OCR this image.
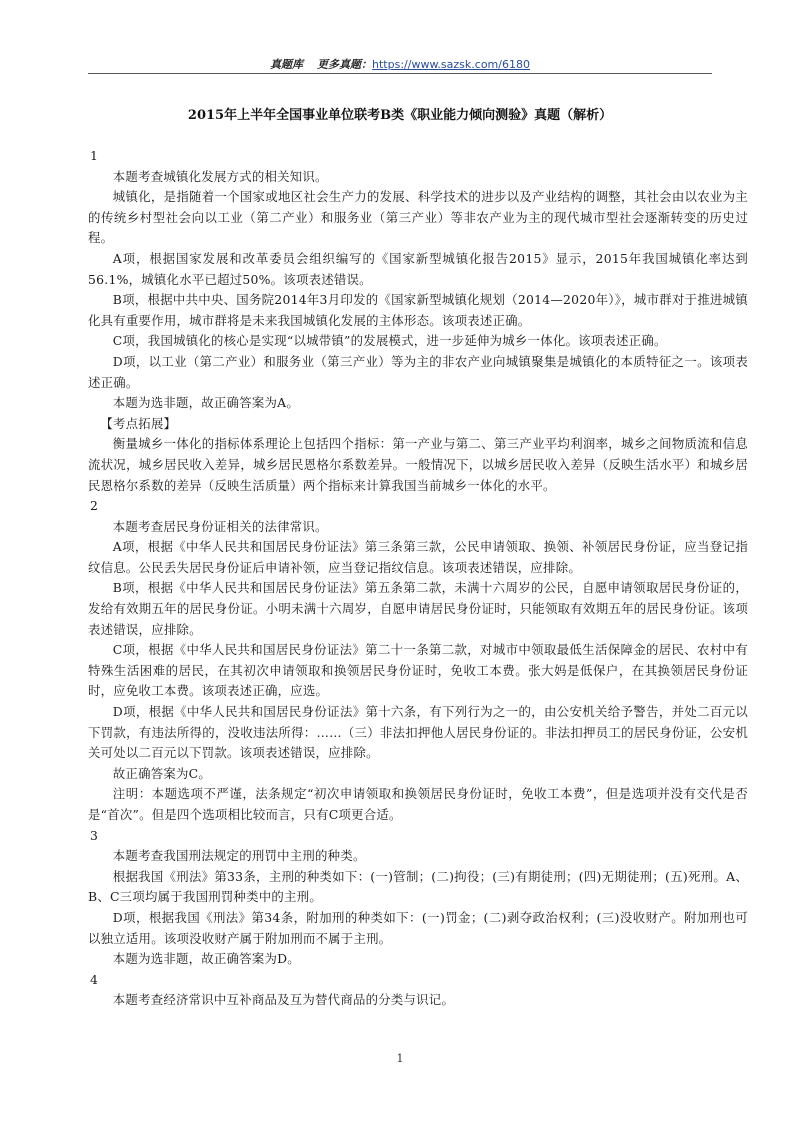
真题库 更多真题：https://www.sazsk.com/6180
2015年上半年全国事业单位联考B类《职业能力倾向测验》真题（解析）

1

本题考查城镇化发展方式的相关知识。

城镇化，是指随着一个国家或地区社会生产力的发展、科学技术的进步以及产业结构的调整，其社会由以农业为主的传统乡村型社会向以工业（第二产业）和服务业（第三产业）等非农产业为主的现代城市型社会逐渐转变的历史过程。

A项，根据国家发展和改革委员会组织编写的《国家新型城镇化报告2015》显示，2015年我国城镇化率达到56.1%，城镇化水平已超过50%。该项表述错误。

B项，根据中共中央、国务院2014年3月印发的《国家新型城镇化规划（2014—2020年）》，城市群对于推进城镇化具有重要作用，城市群将是未来我国城镇化发展的主体形态。该项表述正确。

C项，我国城镇化的核心是实现“以城带镇”的发展模式，进一步延伸为城乡一体化。该项表述正确。

D项，以工业（第二产业）和服务业（第三产业）等为主的非农产业向城镇聚集是城镇化的本质特征之一。该项表述正确。

本题为选非题，故正确答案为A。

【考点拓展】

衡量城乡一体化的指标体系理论上包括四个指标：第一产业与第二、第三产业平均利润率，城乡之间物质流和信息流状况，城乡居民收入差异，城乡居民恩格尔系数差异。一般情况下，以城乡居民收入差异（反映生活水平）和城乡居民恩格尔系数的差异（反映生活质量）两个指标来计算我国当前城乡一体化的水平。

2

本题考查居民身份证相关的法律常识。

A项，根据《中华人民共和国居民身份证法》第三条第三款，公民申请领取、换领、补领居民身份证，应当登记指纹信息。公民丢失居民身份证后申请补领，应当登记指纹信息。该项表述错误，应排除。

B项，根据《中华人民共和国居民身份证法》第五条第二款，未满十六周岁的公民，自愿申请领取居民身份证的，发给有效期五年的居民身份证。小明未满十六周岁，自愿申请居民身份证时，只能领取有效期五年的居民身份证。该项表述错误，应排除。

C项，根据《中华人民共和国居民身份证法》第二十一条第二款，对城市中领取最低生活保障金的居民、农村中有特殊生活困难的居民，在其初次申请领取和换领居民身份证时，免收工本费。张大妈是低保户，在其换领居民身份证时，应免收工本费。该项表述正确，应选。

D项，根据《中华人民共和国居民身份证法》第十六条，有下列行为之一的，由公安机关给予警告，并处二百元以下罚款，有违法所得的，没收违法所得：……（三）非法扣押他人居民身份证的。非法扣押员工的居民身份证，公安机关可处以二百元以下罚款。该项表述错误，应排除。

故正确答案为C。

注明：本题选项不严谨，法条规定“初次申请领取和换领居民身份证时，免收工本费”，但是选项并没有交代是否是“首次”。但是四个选项相比较而言，只有C项更合适。

3

本题考查我国刑法规定的刑罚中主刑的种类。

根据我国《刑法》第33条，主刑的种类如下：(一)管制；(二)拘役；(三)有期徒刑；(四)无期徒刑；(五)死刑。A、B、C三项均属于我国刑罚种类中的主刑。

D项，根据我国《刑法》第34条，附加刑的种类如下：(一)罚金；(二)剥夺政治权利；(三)没收财产。附加刑也可以独立适用。该项没收财产属于附加刑而不属于主刑。

本题为选非题，故正确答案为D。

4

本题考查经济常识中互补商品及互为替代商品的分类与识记。

1
